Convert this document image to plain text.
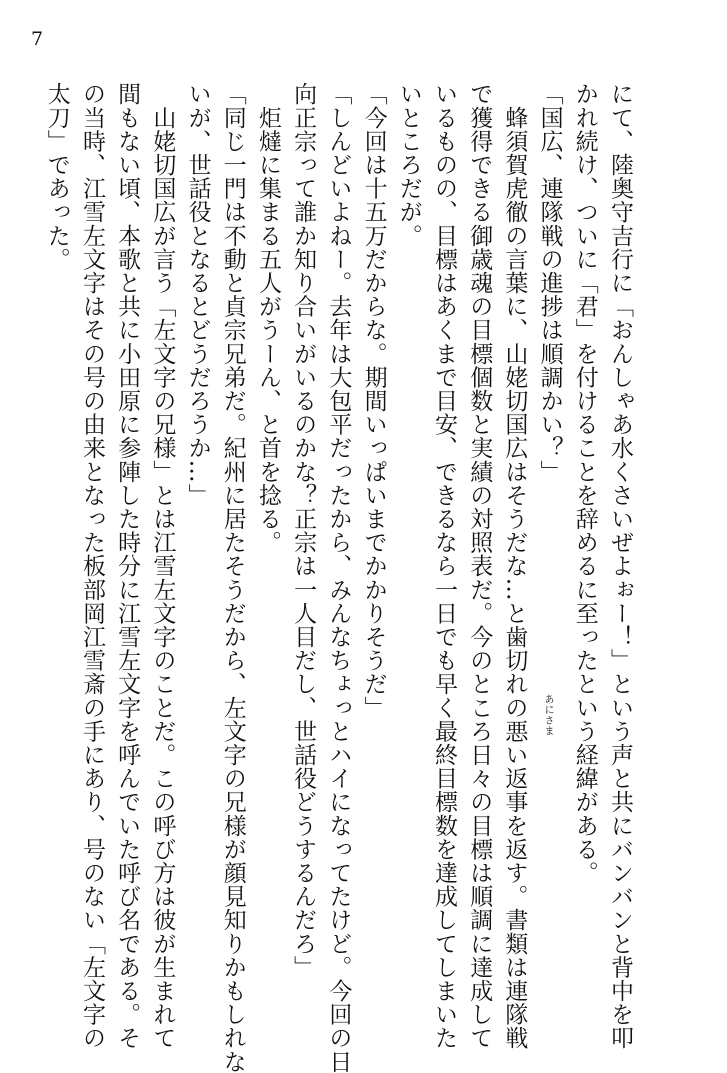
7
にて、陸奥守吉行に「おんしゃあ水くさいぜよぉー！」という声と共にバンバンと背中を叩
かれ続け、ついに「君」を付けることを辞めるに至ったという経緯がある。
「国広、連隊戦の進捗は順調かい？」
　蜂須賀虎徹の言葉に、山姥切国広はそうだな…と歯切れの悪い返事を返す。書類は連隊戦
で獲得できる御歳魂の目標個数と実績の対照表だ。今のところ日々の目標は順調に達成して
いるものの、目標はあくまで目安、できるなら一日でも早く最終目標数を達成してしまいた
いところだが。
「今回は十五万だからな。期間いっぱいまでかかりそうだ」
「しんどいよねー。去年は大包平だったから、みんなちょっとハイになってたけど。今回の日
向正宗って誰か知り合いがいるのかな？正宗は一人目だし、世話役どうするんだろ」
　炬燵に集まる五人がうーん、と首を捻る。
「同じ一門は不動と貞宗兄弟だ。紀州に居たそうだから、左文字の兄様が顔見知りかもしれな
いが、世話役となるとどうだろうか…」
　山姥切国広が言う「左文字の兄様」とは江雪左文字のことだ。この呼び方は彼が生まれて
間もない頃、本歌と共に小田原に参陣した時分に江雪左文字を呼んでいた呼び名である。そ
の当時、江雪左文字はその号の由来となった板部岡江雪斎の手にあり、号のない「左文字の
太刀」であった。
あにさま
